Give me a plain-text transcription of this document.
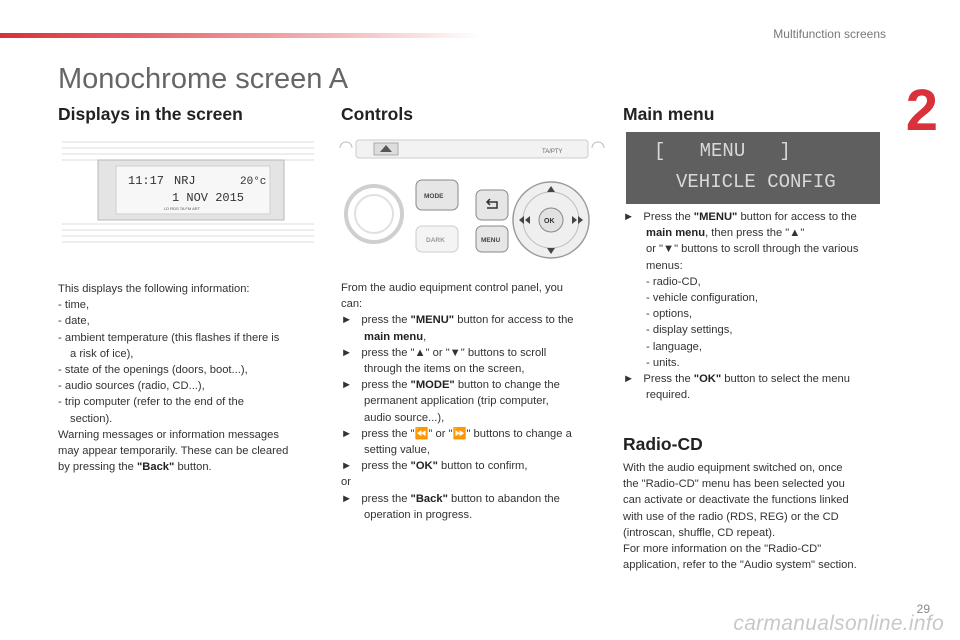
Multifunction screens
2
Monochrome screen A
Displays in the screen
11:17 NRJ	20°c
1 NOV 2015
LD RDS TA FM ART
This displays the following information:
- time,
- date,
- ambient temperature (this flashes if there is
a risk of ice),
- state of the openings (doors, boot...),
- audio sources (radio, CD...),
- trip computer (refer to the end of the
section).
Warning messages or information messages
may appear temporarily. These can be cleared
by pressing the "Back" button.
Controls
TA/PTY
MODE
DARK	MENU
OK
From the audio equipment control panel, you
can:
► press the "MENU" button for access to the
main menu,
► press the "▲" or "▼" buttons to scroll
through the items on the screen,
► press the "MODE" button to change the
permanent application (trip computer,
audio source...),
► press the "⏪" or "⏩" buttons to change a
setting value,
► press the "OK" button to confirm,
or
► press the "Back" button to abandon the
operation in progress.
Main menu
[   MENU   ]
VEHICLE CONFIG
► Press the "MENU" button for access to the
main menu, then press the "▲"
or "▼" buttons to scroll through the various
menus:
- radio-CD,
- vehicle configuration,
- options,
- display settings,
- language,
- units.
► Press the "OK" button to select the menu
required.
Radio-CD
With the audio equipment switched on, once
the "Radio-CD" menu has been selected you
can activate or deactivate the functions linked
with use of the radio (RDS, REG) or the CD
(introscan, shuffle, CD repeat).
For more information on the "Radio-CD"
application, refer to the "Audio system" section.
29
carmanualsonline.info
